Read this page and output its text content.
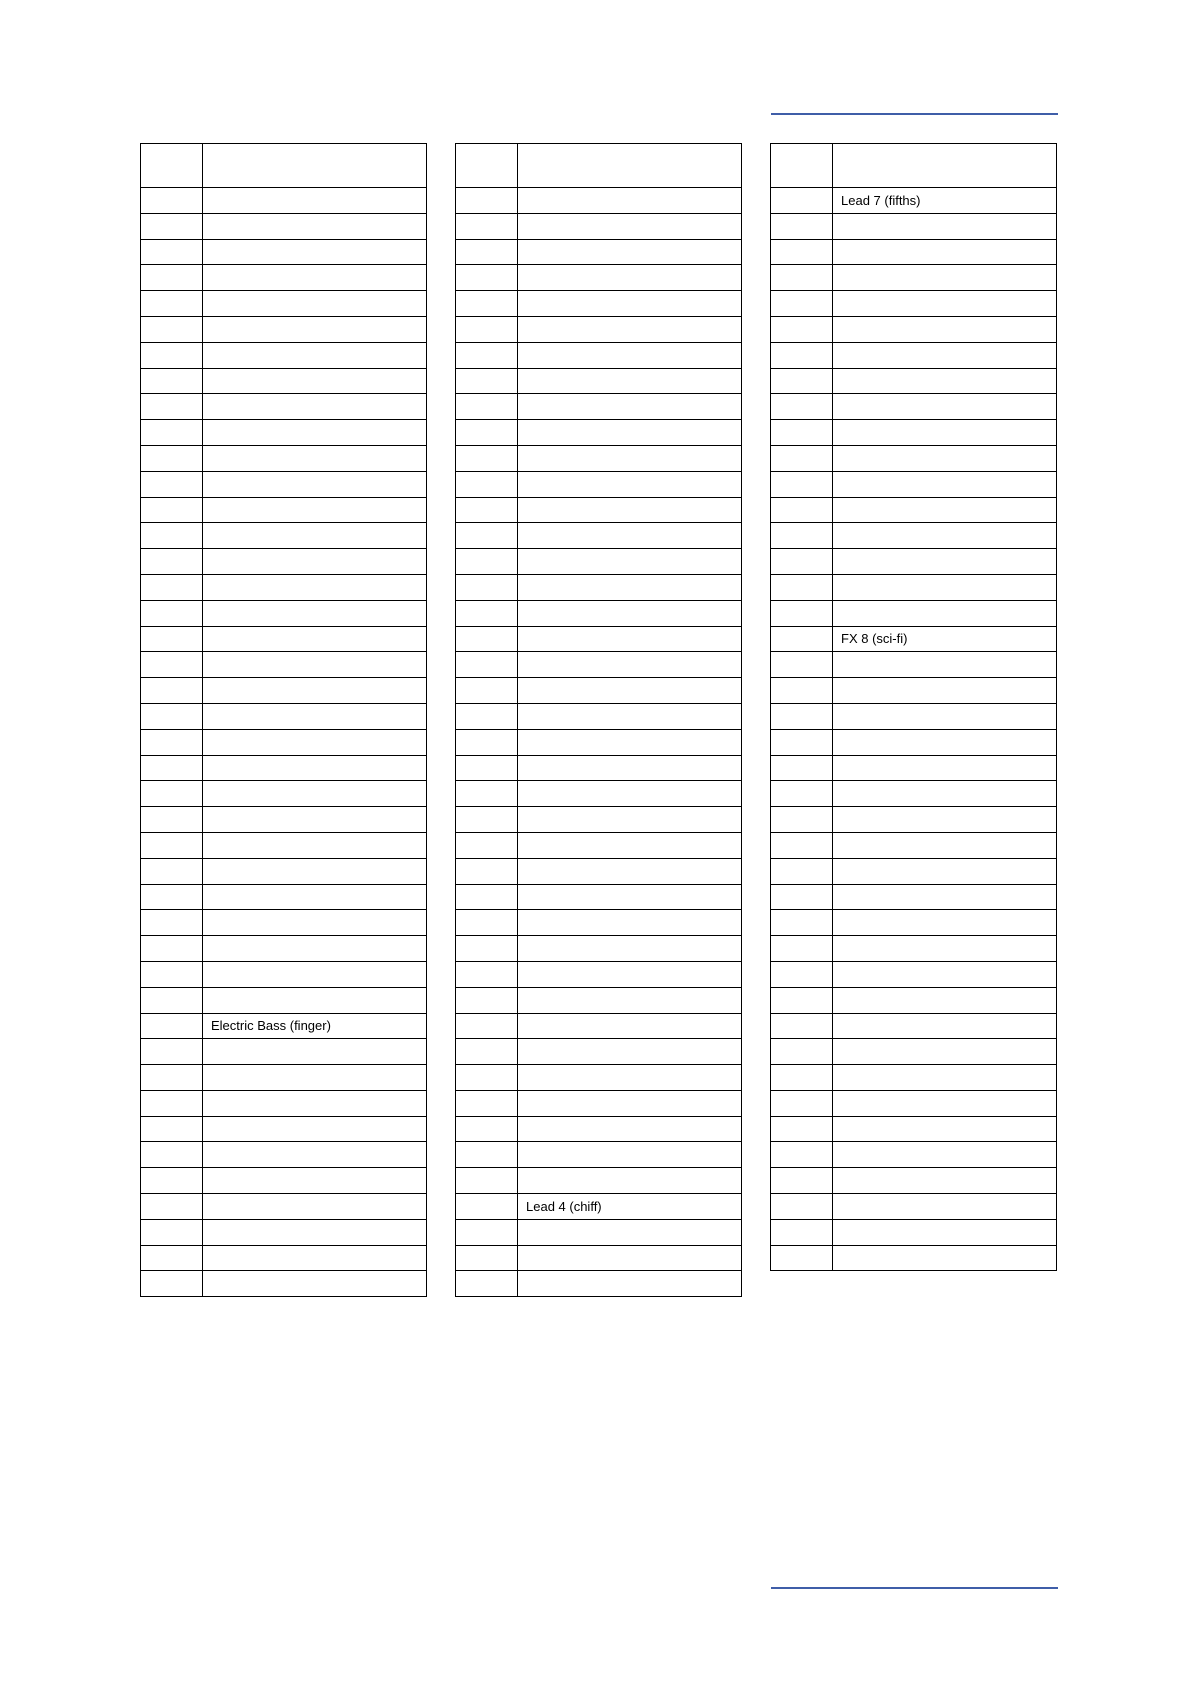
	Electric Bass (finger)

	Lead 4 (chiff)

	Lead 7 (fifths)

	FX 8 (sci-fi)
